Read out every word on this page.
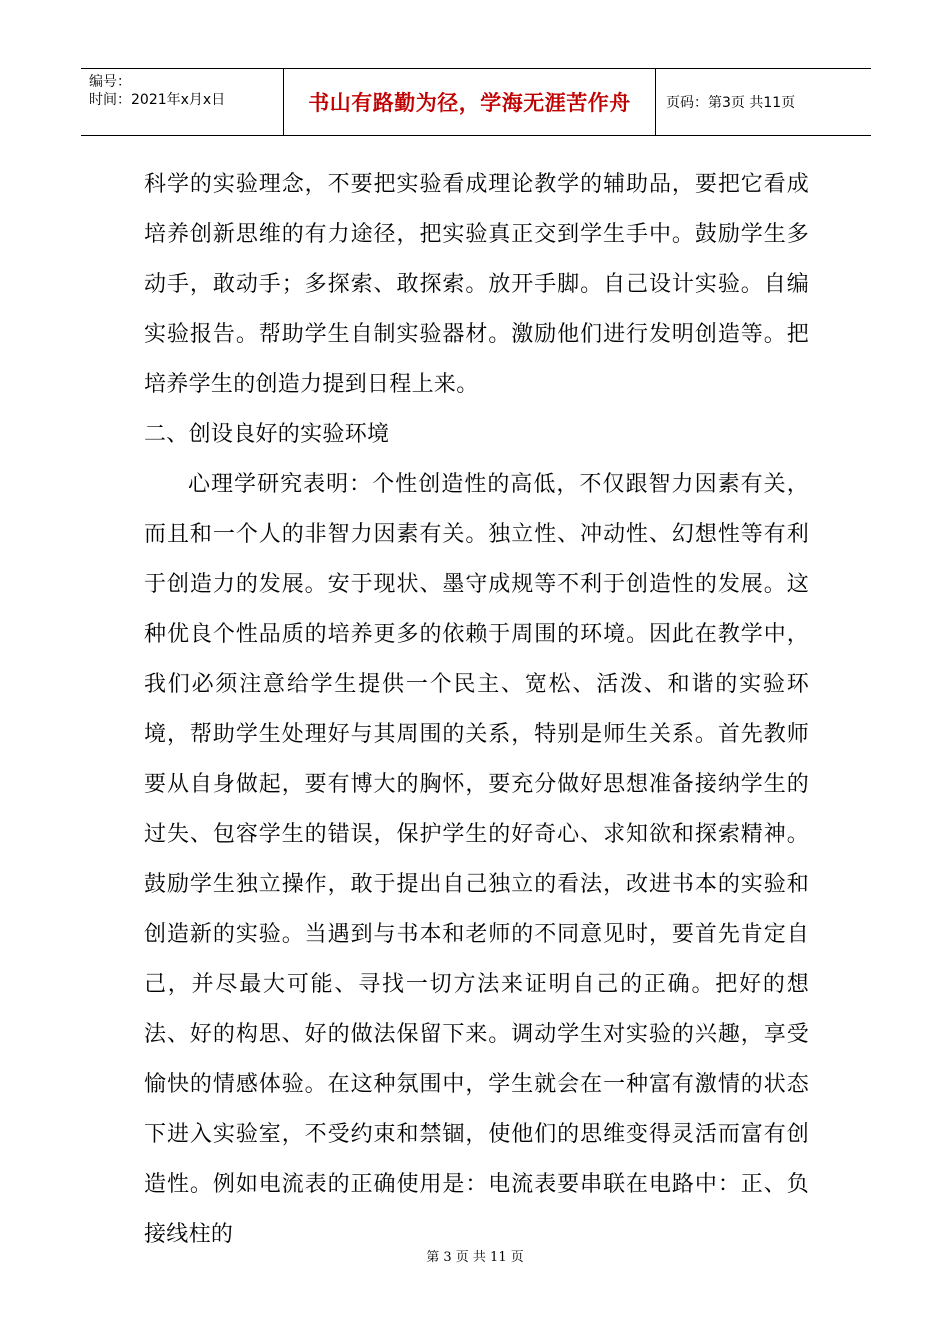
编号：
时间：2021年x月x日	书山有路勤为径，学海无涯苦作舟	页码：第3页 共11页

科学的实验理念，不要把实验看成理论教学的辅助品，要把它看成培养创新思维的有力途径，把实验真正交到学生手中。鼓励学生多动手，敢动手；多探索、敢探索。放开手脚。自己设计实验。自编实验报告。帮助学生自制实验器材。激励他们进行发明创造等。把培养学生的创造力提到日程上来。

二、创设良好的实验环境

心理学研究表明：个性创造性的高低，不仅跟智力因素有关，而且和一个人的非智力因素有关。独立性、冲动性、幻想性等有利于创造力的发展。安于现状、墨守成规等不利于创造性的发展。这种优良个性品质的培养更多的依赖于周围的环境。因此在教学中，我们必须注意给学生提供一个民主、宽松、活泼、和谐的实验环境，帮助学生处理好与其周围的关系，特别是师生关系。首先教师要从自身做起，要有博大的胸怀，要充分做好思想准备接纳学生的过失、包容学生的错误，保护学生的好奇心、求知欲和探索精神。鼓励学生独立操作，敢于提出自己独立的看法，改进书本的实验和创造新的实验。当遇到与书本和老师的不同意见时，要首先肯定自己，并尽最大可能、寻找一切方法来证明自己的正确。把好的想法、好的构思、好的做法保留下来。调动学生对实验的兴趣，享受愉快的情感体验。在这种氛围中，学生就会在一种富有激情的状态下进入实验室，不受约束和禁锢，使他们的思维变得灵活而富有创造性。例如电流表的正确使用是：电流表要串联在电路中：正、负接线柱的

第 3 页 共 11 页
